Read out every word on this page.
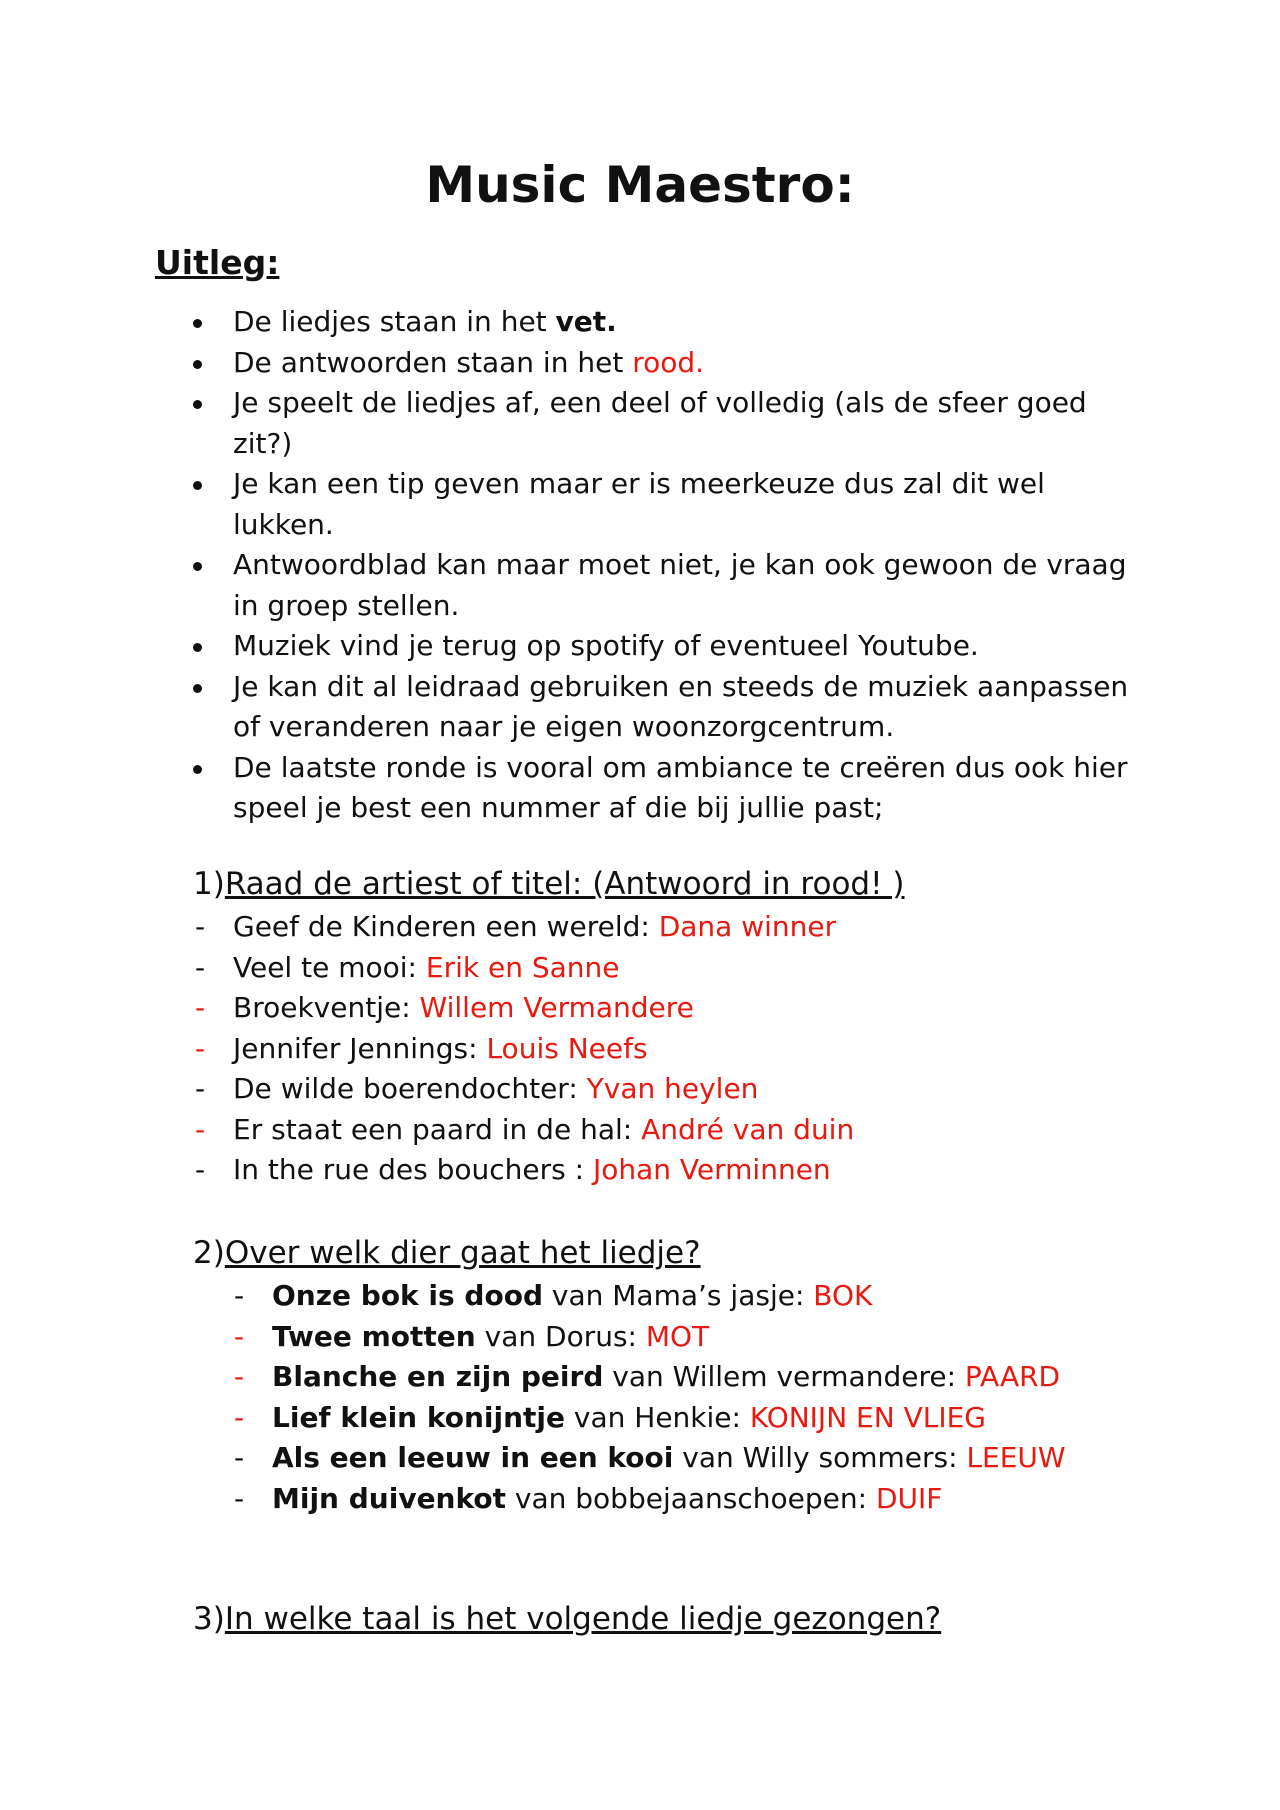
Music Maestro:
Uitleg:
De liedjes staan in het vet.
De antwoorden staan in het rood.
Je speelt de liedjes af, een deel of volledig (als de sfeer goed zit?)
Je kan een tip geven maar er is meerkeuze dus zal dit wel lukken.
Antwoordblad kan maar moet niet, je kan ook gewoon de vraag in groep stellen.
Muziek vind je terug op spotify of eventueel Youtube.
Je kan dit al leidraad gebruiken en steeds de muziek aanpassen of veranderen naar je eigen woonzorgcentrum.
De laatste ronde is vooral om ambiance te creëren dus ook hier speel je best een nummer af die bij jullie past;
1)Raad de artiest of titel: (Antwoord in rood! )
- Geef de Kinderen een wereld: Dana winner
- Veel te mooi: Erik en Sanne
- Broekventje: Willem Vermandere
- Jennifer Jennings: Louis Neefs
- De wilde boerendochter: Yvan heylen
- Er staat een paard in de hal: André van duin
- In the rue des bouchers : Johan Verminnen
2)Over welk dier gaat het liedje?
- Onze bok is dood van Mama’s jasje: BOK
- Twee motten van Dorus: MOT
- Blanche en zijn peird van Willem vermandere: PAARD
- Lief klein konijntje van Henkie: KONIJN EN VLIEG
- Als een leeuw in een kooi van Willy sommers: LEEUW
- Mijn duivenkot van bobbejaanschoepen: DUIF
3)In welke taal is het volgende liedje gezongen?
